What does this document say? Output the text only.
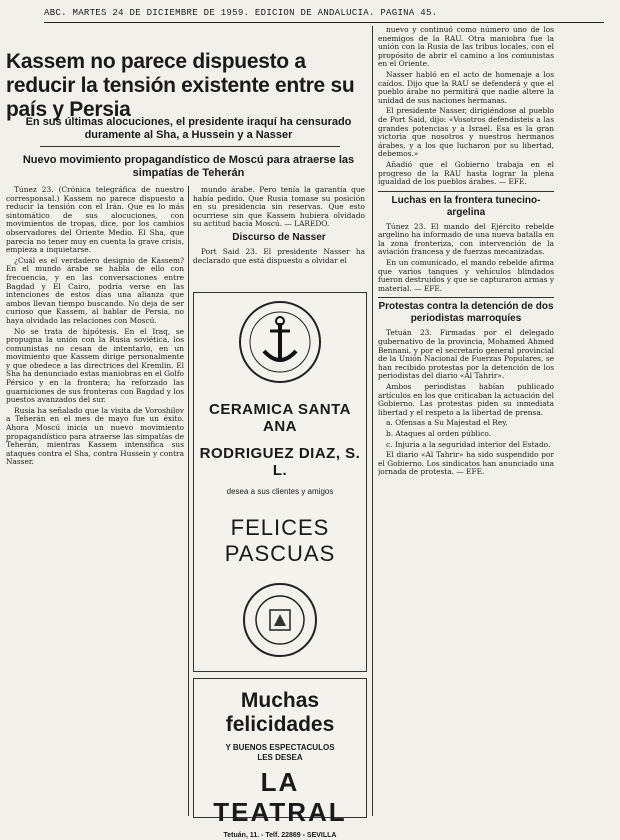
ABC. MARTES 24 DE DICIEMBRE DE 1959. EDICION DE ANDALUCIA. PAGINA 45.
Kassem no parece dispuesto a reducir la tensión existente entre su país y Persia
En sus últimas alocuciones, el presidente iraquí ha censurado duramente al Sha, a Hussein y a Nasser
Nuevo movimiento propagandístico de Moscú para atraerse las simpatías de Teherán

Túnez 23. (Crónica telegráfica de nuestro corresponsal.) Kassem no parece dispuesto a reducir la tensión con el Irán. Que es lo más sintomático de sus alocuciones, con movimientos de tropas, dice, por los cambios observadores del Oriente Medio. El Sha, que parecía no tener muy en cuenta la grave crisis, empieza a inquietarse.

¿Cuál es el verdadero designio de Kassem? En el mundo árabe se habla de ello con frecuencia, y en las conversaciones entre Bagdad y El Cairo, podría verse en las intenciones de estos días una alianza que ambos llevan tiempo buscando. No deja de ser curioso que Kassem, al hablar de Persia, no haya olvidado las relaciones con Moscú.

No se trata de hipótesis. En el Iraq, se propugna la unión con la Rusia soviética, los comunistas no cesan de intentarlo, en un movimiento que Kassem dirige personalmente y que obedece a las directrices del Kremlin. El Sha ha denunciado estas maniobras en el Golfo Pérsico y en la frontera; ha reforzado las guarniciones de sus fronteras con Bagdad y los puestos avanzados del sur.

Rusia ha señalado que la visita de Voroshilov a Teherán en el mes de mayo fue un éxito. Ahora Moscú inicia un nuevo movimiento propagandístico para atraerse las simpatías de Teherán, mientras Kassem intensifica sus ataques contra el Sha, contra Hussein y contra Nasser.

mundo árabe. Pero tenía la garantía que había pedido. Que Rusia tomase su posición en su presidencia sin reservas. Que esto ocurriese sin que Kassem hubiera olvidado su actitud hacia Moscú. — LAREDO.

Discurso de Nasser

Port Said 23. El presidente Nasser ha declarado que está dispuesto a olvidar el

CERAMICA SANTA ANA
RODRIGUEZ DIAZ, S. L.
desea a sus clientes y amigos
FELICES
PASCUAS
Muchas felicidades
Y BUENOS ESPECTACULOS
LES DESEA
LA TEATRAL
Tetuán, 11. - Telf. 22869 - SEVILLA

nuevo y continuó como número uno de los enemigos de la RAU. Otra maniobra fue la unión con la Rusia de las tribus locales, con el propósito de abrir el camino a los comunistas en el Oriente.

Nasser habló en el acto de homenaje a los caídos. Dijo que la RAU se defenderá y que el pueblo árabe no permitirá que nadie altere la unidad de sus naciones hermanas.

El presidente Nasser, dirigiéndose al pueblo de Port Said, dijo: «Vosotros defendisteis a las grandes potencias y a Israel. Esa es la gran victoria que nosotros y nuestros hermanos árabes, y a los que lucharon por su libertad, debemos.»

Añadió que el Gobierno trabaja en el progreso de la RAU hasta lograr la plena igualdad de los pueblos árabes. — EFE.

Luchas en la frontera tunecino-argelina

Túnez 23. El mando del Ejército rebelde argelino ha informado de una nueva batalla en la zona fronteriza, con intervención de la aviación francesa y de fuerzas mecanizadas.

En un comunicado, el mando rebelde afirma que varios tanques y vehículos blindados fueron destruidos y que se capturaron armas y material. — EFE.

Protestas contra la detención de dos periodistas marroquíes

Tetuán 23. Firmadas por el delegado gubernativo de la provincia, Mohamed Ahmed Bennani, y por el secretario general provincial de la Unión Nacional de Fuerzas Populares, se han recibido protestas por la detención de los periodistas del diario «Al Tahrir».

Ambos periodistas habían publicado artículos en los que criticaban la actuación del Gobierno. Las protestas piden su inmediata libertad y el respeto a la libertad de prensa.

a. Ofensas a Su Majestad el Rey.

b. Ataques al orden público.

c. Injuria a la seguridad interior del Estado.

El diario «Al Tahrir» ha sido suspendido por el Gobierno. Los sindicatos han anunciado una jornada de protesta. — EFE.
